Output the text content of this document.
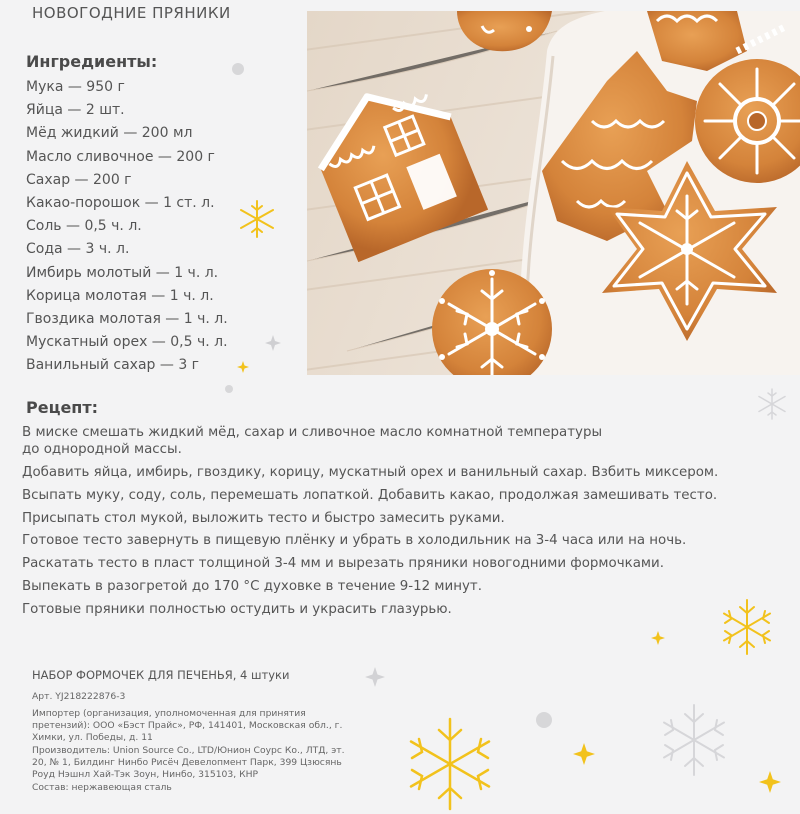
НОВОГОДНИЕ ПРЯНИКИ
Ингредиенты:
Мука — 950 г
Яйца — 2 шт.
Мёд жидкий — 200 мл
Масло сливочное — 200 г
Сахар — 200 г
Какао-порошок — 1 ст. л.
Соль — 0,5 ч. л.
Сода — 3 ч. л.
Имбирь молотый — 1 ч. л.
Корица молотая — 1 ч. л.
Гвоздика молотая — 1 ч. л.
Мускатный орех — 0,5 ч. л.
Ванильный сахар — 3 г
Рецепт:
В миске смешать жидкий мёд, сахар и сливочное масло комнатной температуры
до однородной массы.
Добавить яйца, имбирь, гвоздику, корицу, мускатный орех и ванильный сахар. Взбить миксером.
Всыпать муку, соду, соль, перемешать лопаткой. Добавить какао, продолжая замешивать тесто.
Присыпать стол мукой, выложить тесто и быстро замесить руками.
Готовое тесто завернуть в пищевую плёнку и убрать в холодильник на 3-4 часа или на ночь.
Раскатать тесто в пласт толщиной 3-4 мм и вырезать пряники новогодними формочками.
Выпекать в разогретой до 170 °С духовке в течение 9-12 минут.
Готовые пряники полностью остудить и украсить глазурью.
НАБОР ФОРМОЧЕК ДЛЯ ПЕЧЕНЬЯ, 4 штуки
Арт. YJ218222876-3
Импортер (организация, уполномоченная для принятия претензий): ООО «Бэст Прайс», РФ, 141401, Московская обл., г. Химки, ул. Победы, д. 11
Производитель: Union Source Co., LTD/Юнион Соурс Ко., ЛТД, эт. 20, № 1, Билдинг Нинбо Рисёч Девелопмент Парк, 399 Цзюсянь Роуд Нэшнл Хай-Тэк Зоун, Нинбо, 315103, КНР
Состав: нержавеющая сталь
